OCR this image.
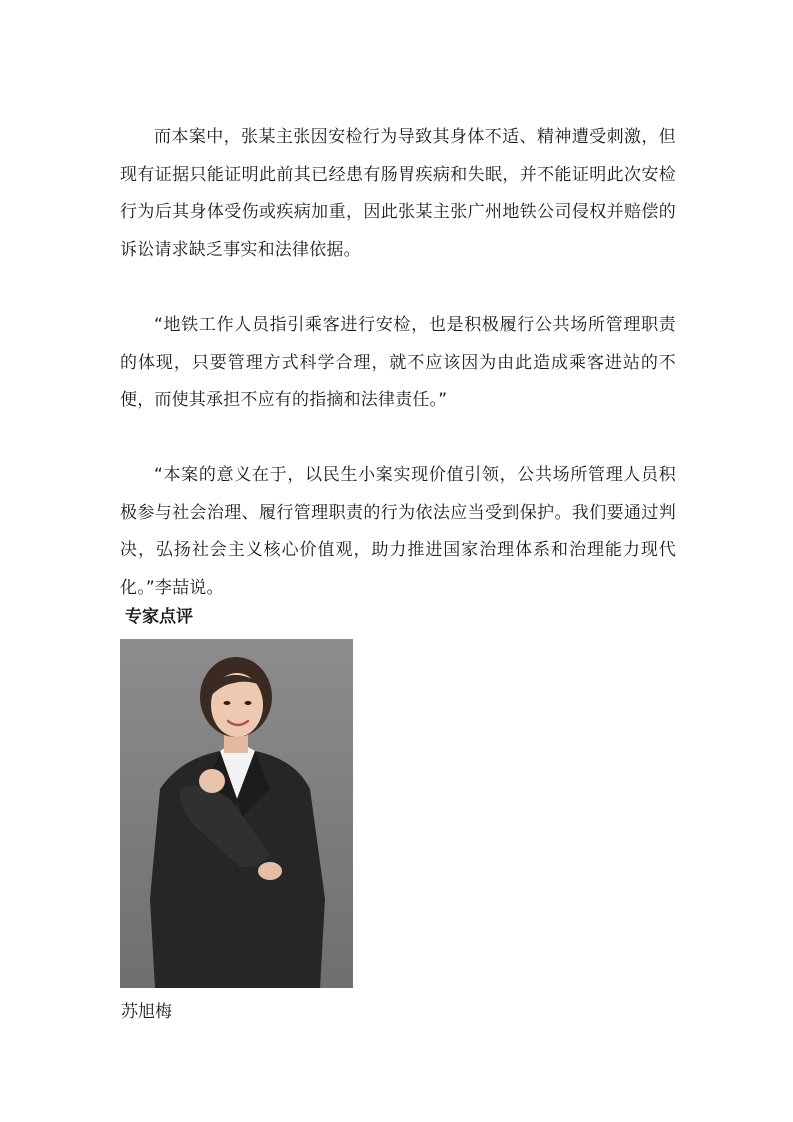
而本案中，张某主张因安检行为导致其身体不适、精神遭受刺激，但现有证据只能证明此前其已经患有肠胃疾病和失眠，并不能证明此次安检行为后其身体受伤或疾病加重，因此张某主张广州地铁公司侵权并赔偿的诉讼请求缺乏事实和法律依据。

“地铁工作人员指引乘客进行安检，也是积极履行公共场所管理职责的体现，只要管理方式科学合理，就不应该因为由此造成乘客进站的不便，而使其承担不应有的指摘和法律责任。”

“本案的意义在于，以民生小案实现价值引领，公共场所管理人员积极参与社会治理、履行管理职责的行为依法应当受到保护。我们要通过判决，弘扬社会主义核心价值观，助力推进国家治理体系和治理能力现代化。”李喆说。

专家点评

苏旭梅
